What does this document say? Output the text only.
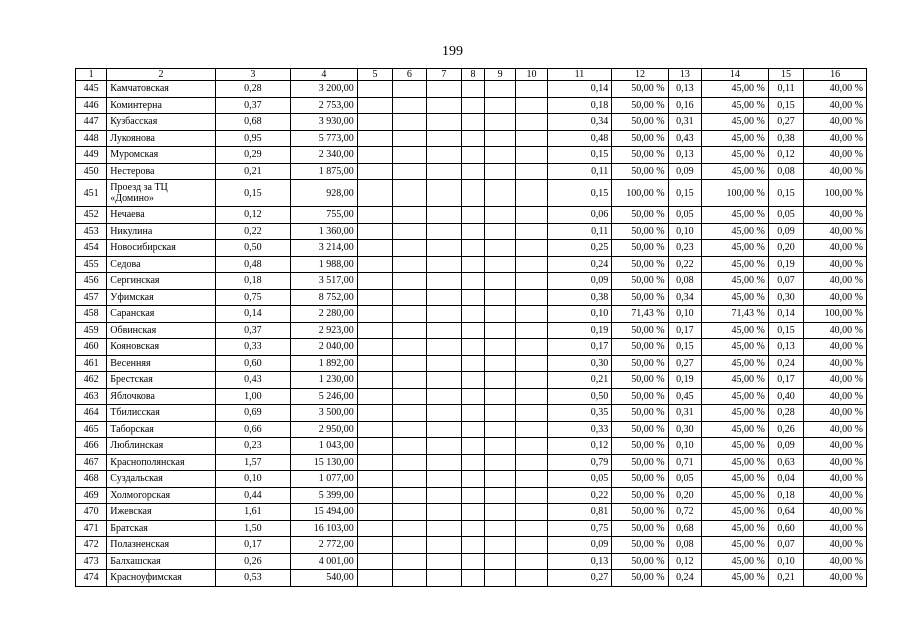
199
1	2	3	4	5	6	7	8	9	10	11	12	13	14	15	16
445	Камчатовская	0,28	3 200,00							0,14	50,00 %	0,13	45,00 %	0,11	40,00 %
446	Коминтерна	0,37	2 753,00							0,18	50,00 %	0,16	45,00 %	0,15	40,00 %
447	Кузбасская	0,68	3 930,00							0,34	50,00 %	0,31	45,00 %	0,27	40,00 %
448	Лукоянова	0,95	5 773,00							0,48	50,00 %	0,43	45,00 %	0,38	40,00 %
449	Муромская	0,29	2 340,00							0,15	50,00 %	0,13	45,00 %	0,12	40,00 %
450	Нестерова	0,21	1 875,00							0,11	50,00 %	0,09	45,00 %	0,08	40,00 %
451	Проезд за ТЦ «Домино»	0,15	928,00							0,15	100,00 %	0,15	100,00 %	0,15	100,00 %
452	Нечаева	0,12	755,00							0,06	50,00 %	0,05	45,00 %	0,05	40,00 %
453	Никулина	0,22	1 360,00							0,11	50,00 %	0,10	45,00 %	0,09	40,00 %
454	Новосибирская	0,50	3 214,00							0,25	50,00 %	0,23	45,00 %	0,20	40,00 %
455	Седова	0,48	1 988,00							0,24	50,00 %	0,22	45,00 %	0,19	40,00 %
456	Сергинская	0,18	3 517,00							0,09	50,00 %	0,08	45,00 %	0,07	40,00 %
457	Уфимская	0,75	8 752,00							0,38	50,00 %	0,34	45,00 %	0,30	40,00 %
458	Саранская	0,14	2 280,00							0,10	71,43 %	0,10	71,43 %	0,14	100,00 %
459	Обвинская	0,37	2 923,00							0,19	50,00 %	0,17	45,00 %	0,15	40,00 %
460	Кояновская	0,33	2 040,00							0,17	50,00 %	0,15	45,00 %	0,13	40,00 %
461	Весенняя	0,60	1 892,00							0,30	50,00 %	0,27	45,00 %	0,24	40,00 %
462	Брестская	0,43	1 230,00							0,21	50,00 %	0,19	45,00 %	0,17	40,00 %
463	Яблочкова	1,00	5 246,00							0,50	50,00 %	0,45	45,00 %	0,40	40,00 %
464	Тбилисская	0,69	3 500,00							0,35	50,00 %	0,31	45,00 %	0,28	40,00 %
465	Таборская	0,66	2 950,00							0,33	50,00 %	0,30	45,00 %	0,26	40,00 %
466	Люблинская	0,23	1 043,00							0,12	50,00 %	0,10	45,00 %	0,09	40,00 %
467	Краснополянская	1,57	15 130,00							0,79	50,00 %	0,71	45,00 %	0,63	40,00 %
468	Суздальская	0,10	1 077,00							0,05	50,00 %	0,05	45,00 %	0,04	40,00 %
469	Холмогорская	0,44	5 399,00							0,22	50,00 %	0,20	45,00 %	0,18	40,00 %
470	Ижевская	1,61	15 494,00							0,81	50,00 %	0,72	45,00 %	0,64	40,00 %
471	Братская	1,50	16 103,00							0,75	50,00 %	0,68	45,00 %	0,60	40,00 %
472	Полазненская	0,17	2 772,00							0,09	50,00 %	0,08	45,00 %	0,07	40,00 %
473	Балхашская	0,26	4 001,00							0,13	50,00 %	0,12	45,00 %	0,10	40,00 %
474	Красноуфимская	0,53	540,00							0,27	50,00 %	0,24	45,00 %	0,21	40,00 %
